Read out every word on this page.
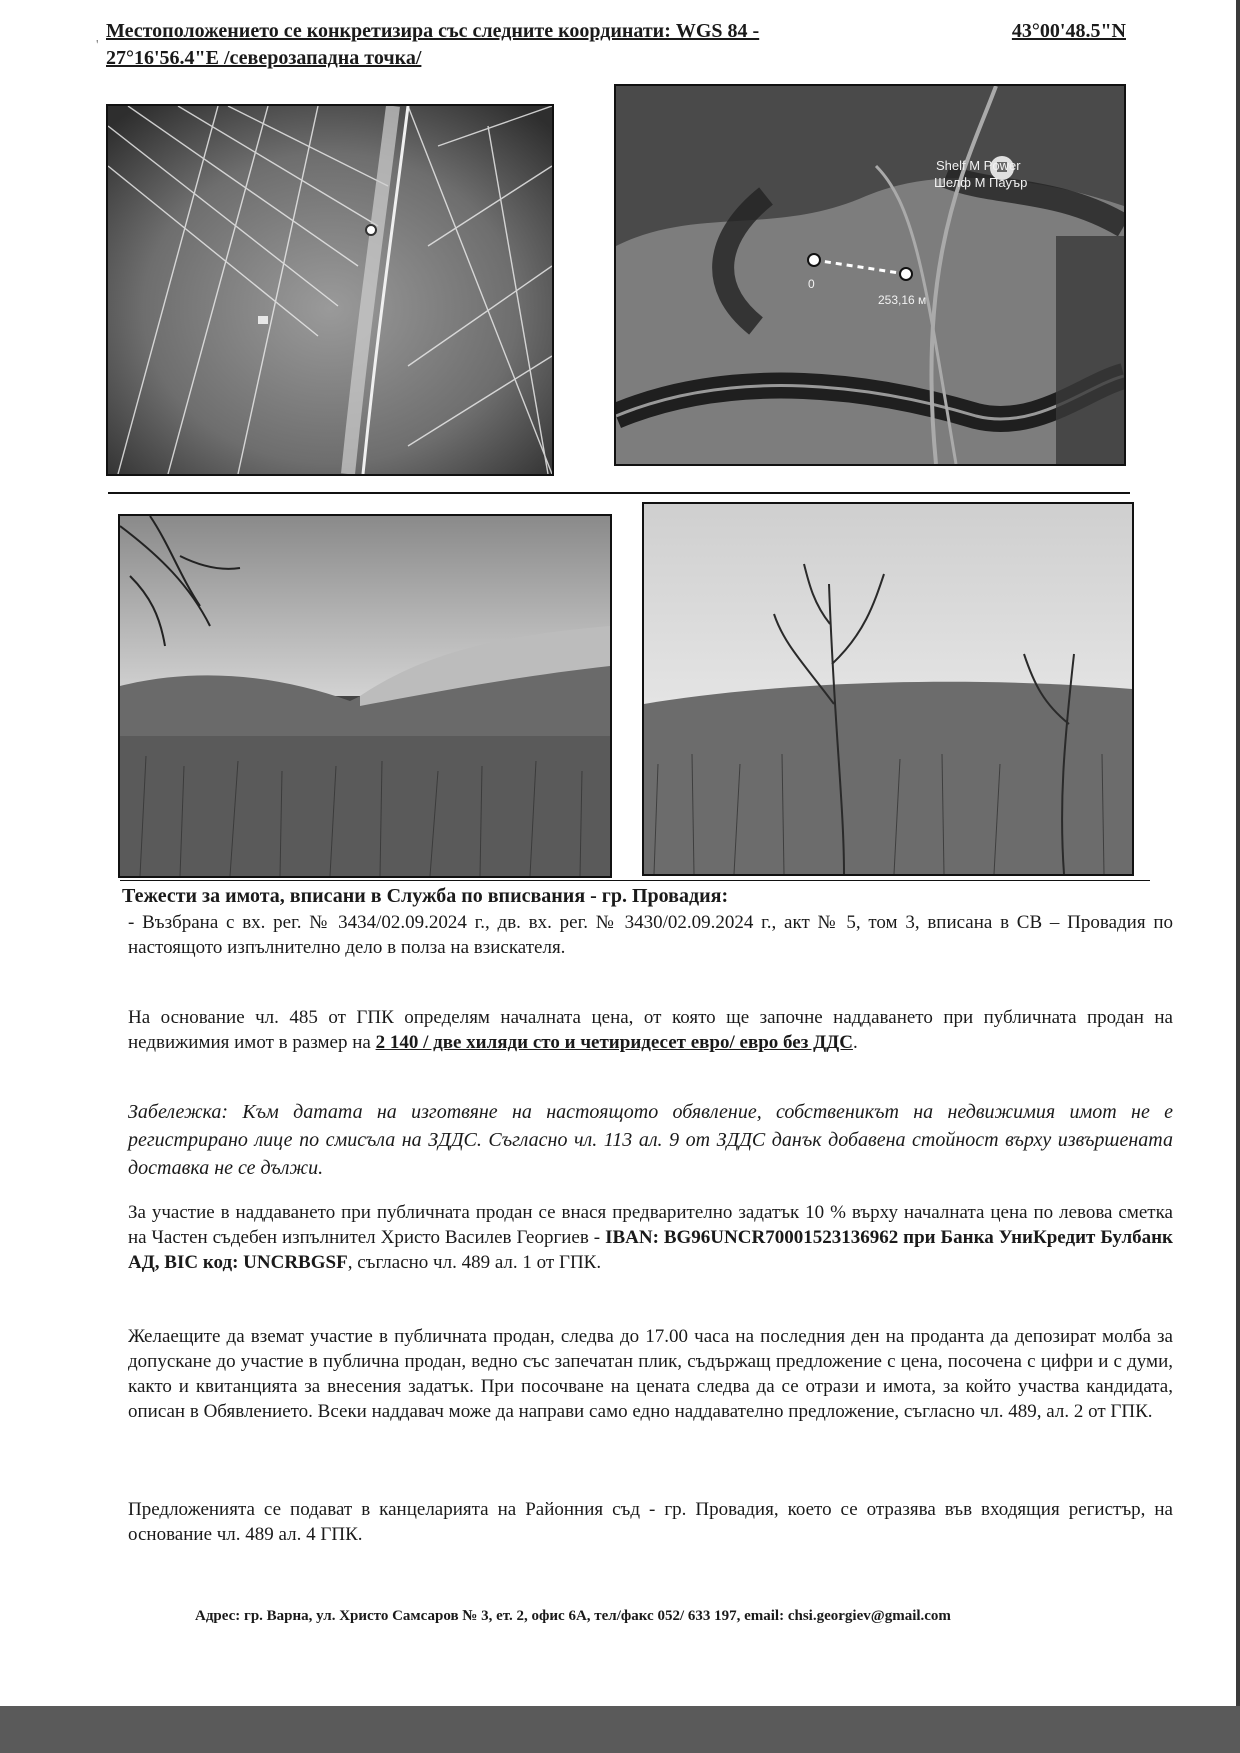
'
Местоположението се конкретизира със следните координати: WGS 84 -	43°00'48.5"N
27°16'56.4"E /северозападна точка/
Shelf M Power
Шелф М Пауър
0
253,16 м
Тежести за имота, вписани в Служба по вписвания - гр. Провадия:
- Възбрана с вх. рег. № 3434/02.09.2024 г., дв. вх. рег. № 3430/02.09.2024 г., акт № 5, том 3, вписана в СВ – Провадия по настоящото изпълнително дело в полза на взискателя.
На основание чл. 485 от ГПК определям началната цена, от която ще започне наддаването при публичната продан на недвижимия имот в размер на 2 140 / две хиляди сто и четиридесет евро/ евро без ДДС.
Забележка: Към датата на изготвяне на настоящото обявление, собственикът на недвижимия имот не е регистрирано лице по смисъла на ЗДДС. Съгласно чл. 113 ал. 9 от ЗДДС данък добавена стойност върху извършената доставка не се дължи.
За участие в наддаването при публичната продан се внася предварително задатък 10 % върху началната цена по левова сметка на Частен съдебен изпълнител Христо Василев Георгиев - IBAN: BG96UNCR70001523136962 при Банка УниКредит Булбанк АД, BIC код: UNCRBGSF, съгласно чл. 489 ал. 1 от ГПК.
Желаещите да вземат участие в публичната продан, следва до 17.00 часа на последния ден на проданта да депозират молба за допускане до участие в публична продан, ведно със запечатан плик, съдържащ предложение с цена, посочена с цифри и с думи, както и квитанцията за внесения задатък. При посочване на цената следва да се отрази и имота, за който участва кандидата, описан в Обявлението. Всеки наддавач може да направи само едно наддавателно предложение, съгласно чл. 489, ал. 2 от ГПК.
Предложенията се подават в канцеларията на Районния съд - гр. Провадия, което се отразява във входящия регистър, на основание чл. 489 ал. 4 ГПК.
Адрес: гр. Варна, ул. Христо Самсаров № 3, ет. 2, офис 6А, тел/факс 052/ 633 197, email: chsi.georgiev@gmail.com
